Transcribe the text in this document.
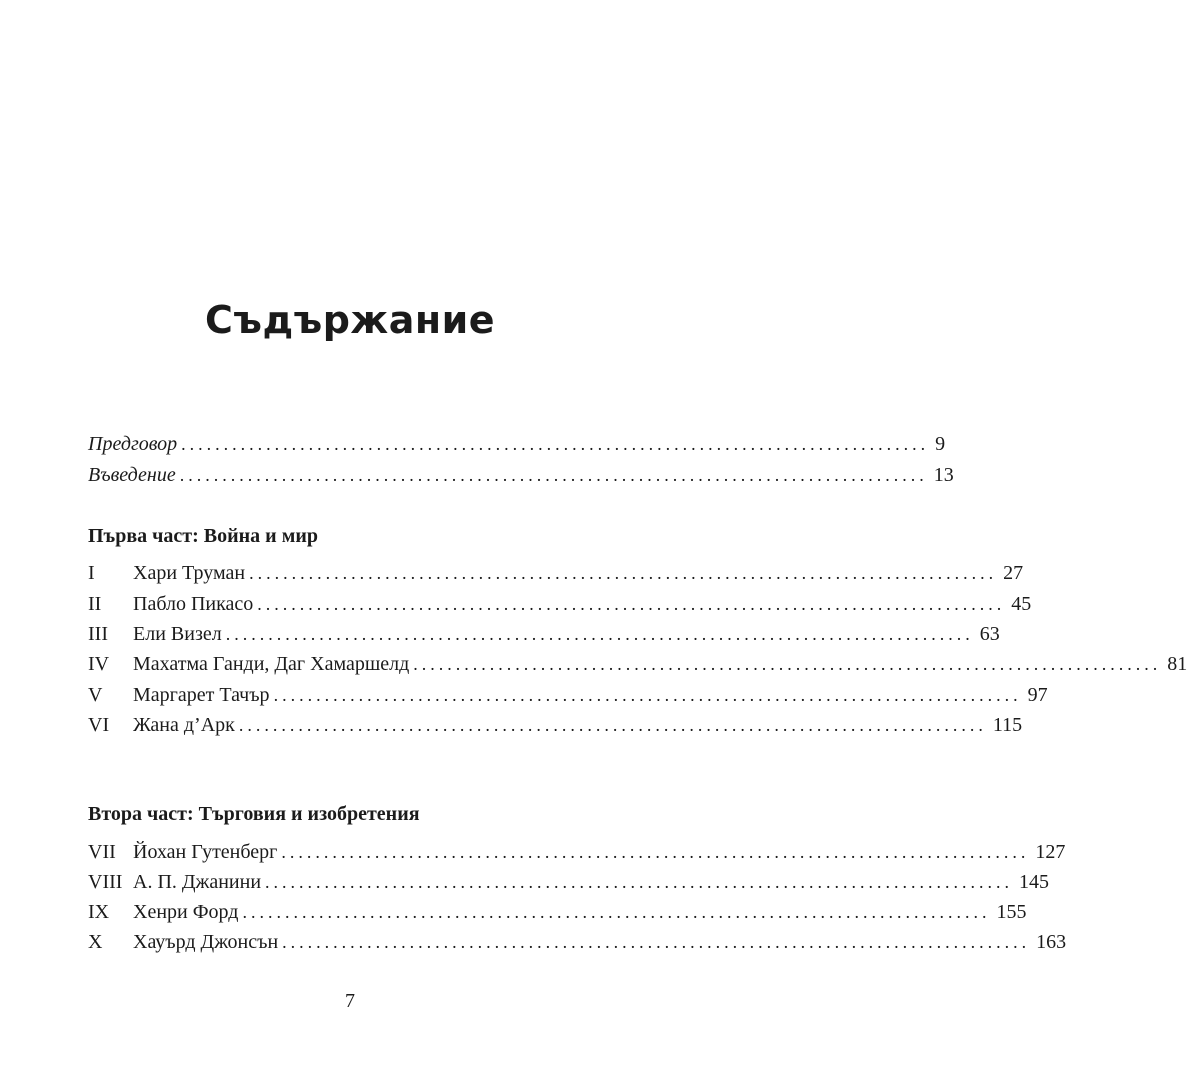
Съдържание
Предговор ........................................................................................ 9
Въведение ........................................................................................ 13
Първа част: Война и мир
I	Хари Труман ........................................................................................ 27
II	Пабло Пикасо ........................................................................................ 45
III	Ели Визел ........................................................................................ 63
IV	Махатма Ганди, Даг Хамаршелд ........................................................................................ 81
V	Маргарет Тачър ........................................................................................ 97
VI	Жана д’Арк ........................................................................................ 115
Втора част: Търговия и изобретения
VII Йохан Гутенберг ........................................................................................ 127
VIII А. П. Джанини ........................................................................................ 145
IX	Хенри Форд ........................................................................................ 155
X	Хауърд Джонсън ........................................................................................ 163
7
